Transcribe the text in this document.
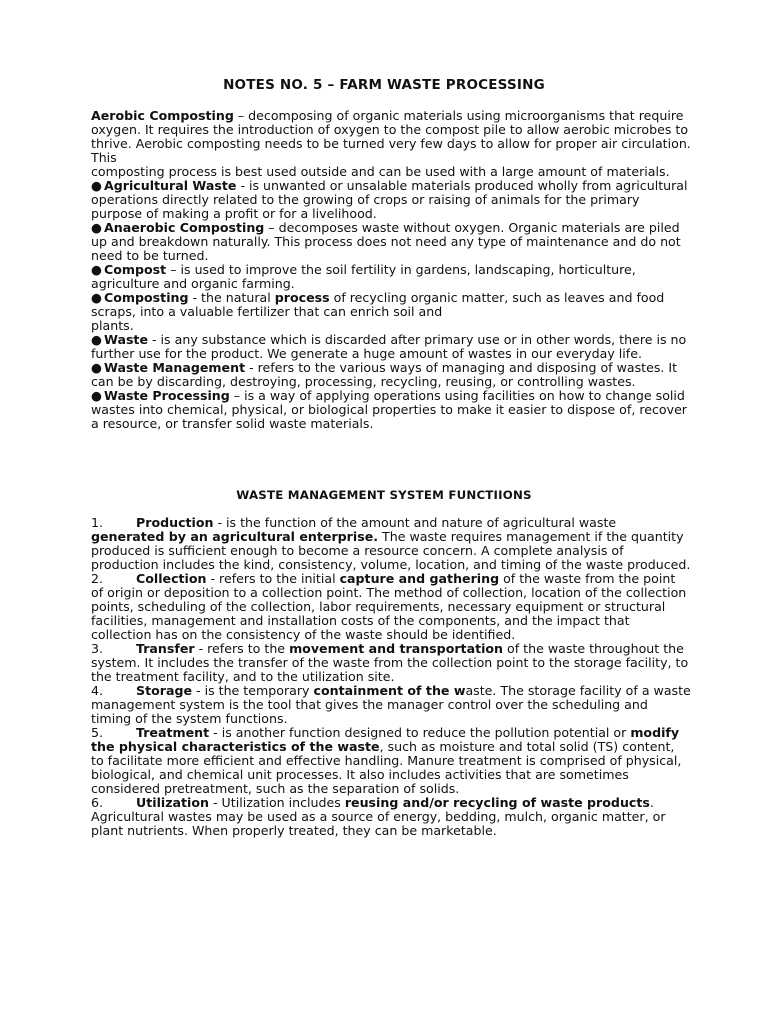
NOTES NO. 5 – FARM WASTE PROCESSING

Aerobic Composting – decomposing of organic materials using microorganisms that require oxygen. It requires the introduction of oxygen to the compost pile to allow aerobic microbes to thrive. Aerobic composting needs to be turned very few days to allow for proper air circulation. This

composting process is best used outside and can be used with a large amount of materials.

● Agricultural Waste - is unwanted or unsalable materials produced wholly from agricultural operations directly related to the growing of crops or raising of animals for the primary purpose of making a profit or for a livelihood.

● Anaerobic Composting – decomposes waste without oxygen. Organic materials are piled up and breakdown naturally. This process does not need any type of maintenance and do not need to be turned.

● Compost – is used to improve the soil fertility in gardens, landscaping, horticulture, agriculture and organic farming.

● Composting - the natural process of recycling organic matter, such as leaves and food scraps, into a valuable fertilizer that can enrich soil and

plants.

● Waste - is any substance which is discarded after primary use or in other words, there is no further use for the product. We generate a huge amount of wastes in our everyday life.

● Waste Management - refers to the various ways of managing and disposing of wastes. It can be by discarding, destroying, processing, recycling, reusing, or controlling wastes.

● Waste Processing – is a way of applying operations using facilities on how to change solid wastes into chemical, physical, or biological properties to make it easier to dispose of, recover a resource, or transfer solid waste materials.

WASTE MANAGEMENT SYSTEM FUNCTIIONS
1.	Production - is the function of the amount and nature of agricultural waste generated by an agricultural enterprise. The waste requires management if the quantity produced is sufficient enough to become a resource concern. A complete analysis of production includes the kind, consistency, volume, location, and timing of the waste produced.
2.	Collection - refers to the initial capture and gathering of the waste from the point of origin or deposition to a collection point. The method of collection, location of the collection points, scheduling of the collection, labor requirements, necessary equipment or structural facilities, management and installation costs of the components, and the impact that collection has on the consistency of the waste should be identified.
3.	Transfer - refers to the movement and transportation of the waste throughout the system. It includes the transfer of the waste from the collection point to the storage facility, to the treatment facility, and to the utilization site.
4.	Storage - is the temporary containment of the waste. The storage facility of a waste management system is the tool that gives the manager control over the scheduling and timing of the system functions.
5.	Treatment - is another function designed to reduce the pollution potential or modify the physical characteristics of the waste, such as moisture and total solid (TS) content, to facilitate more efficient and effective handling. Manure treatment is comprised of physical, biological, and chemical unit processes. It also includes activities that are sometimes considered pretreatment, such as the separation of solids.
6.	Utilization - Utilization includes reusing and/or recycling of waste products. Agricultural wastes may be used as a source of energy, bedding, mulch, organic matter, or plant nutrients. When properly treated, they can be marketable.
